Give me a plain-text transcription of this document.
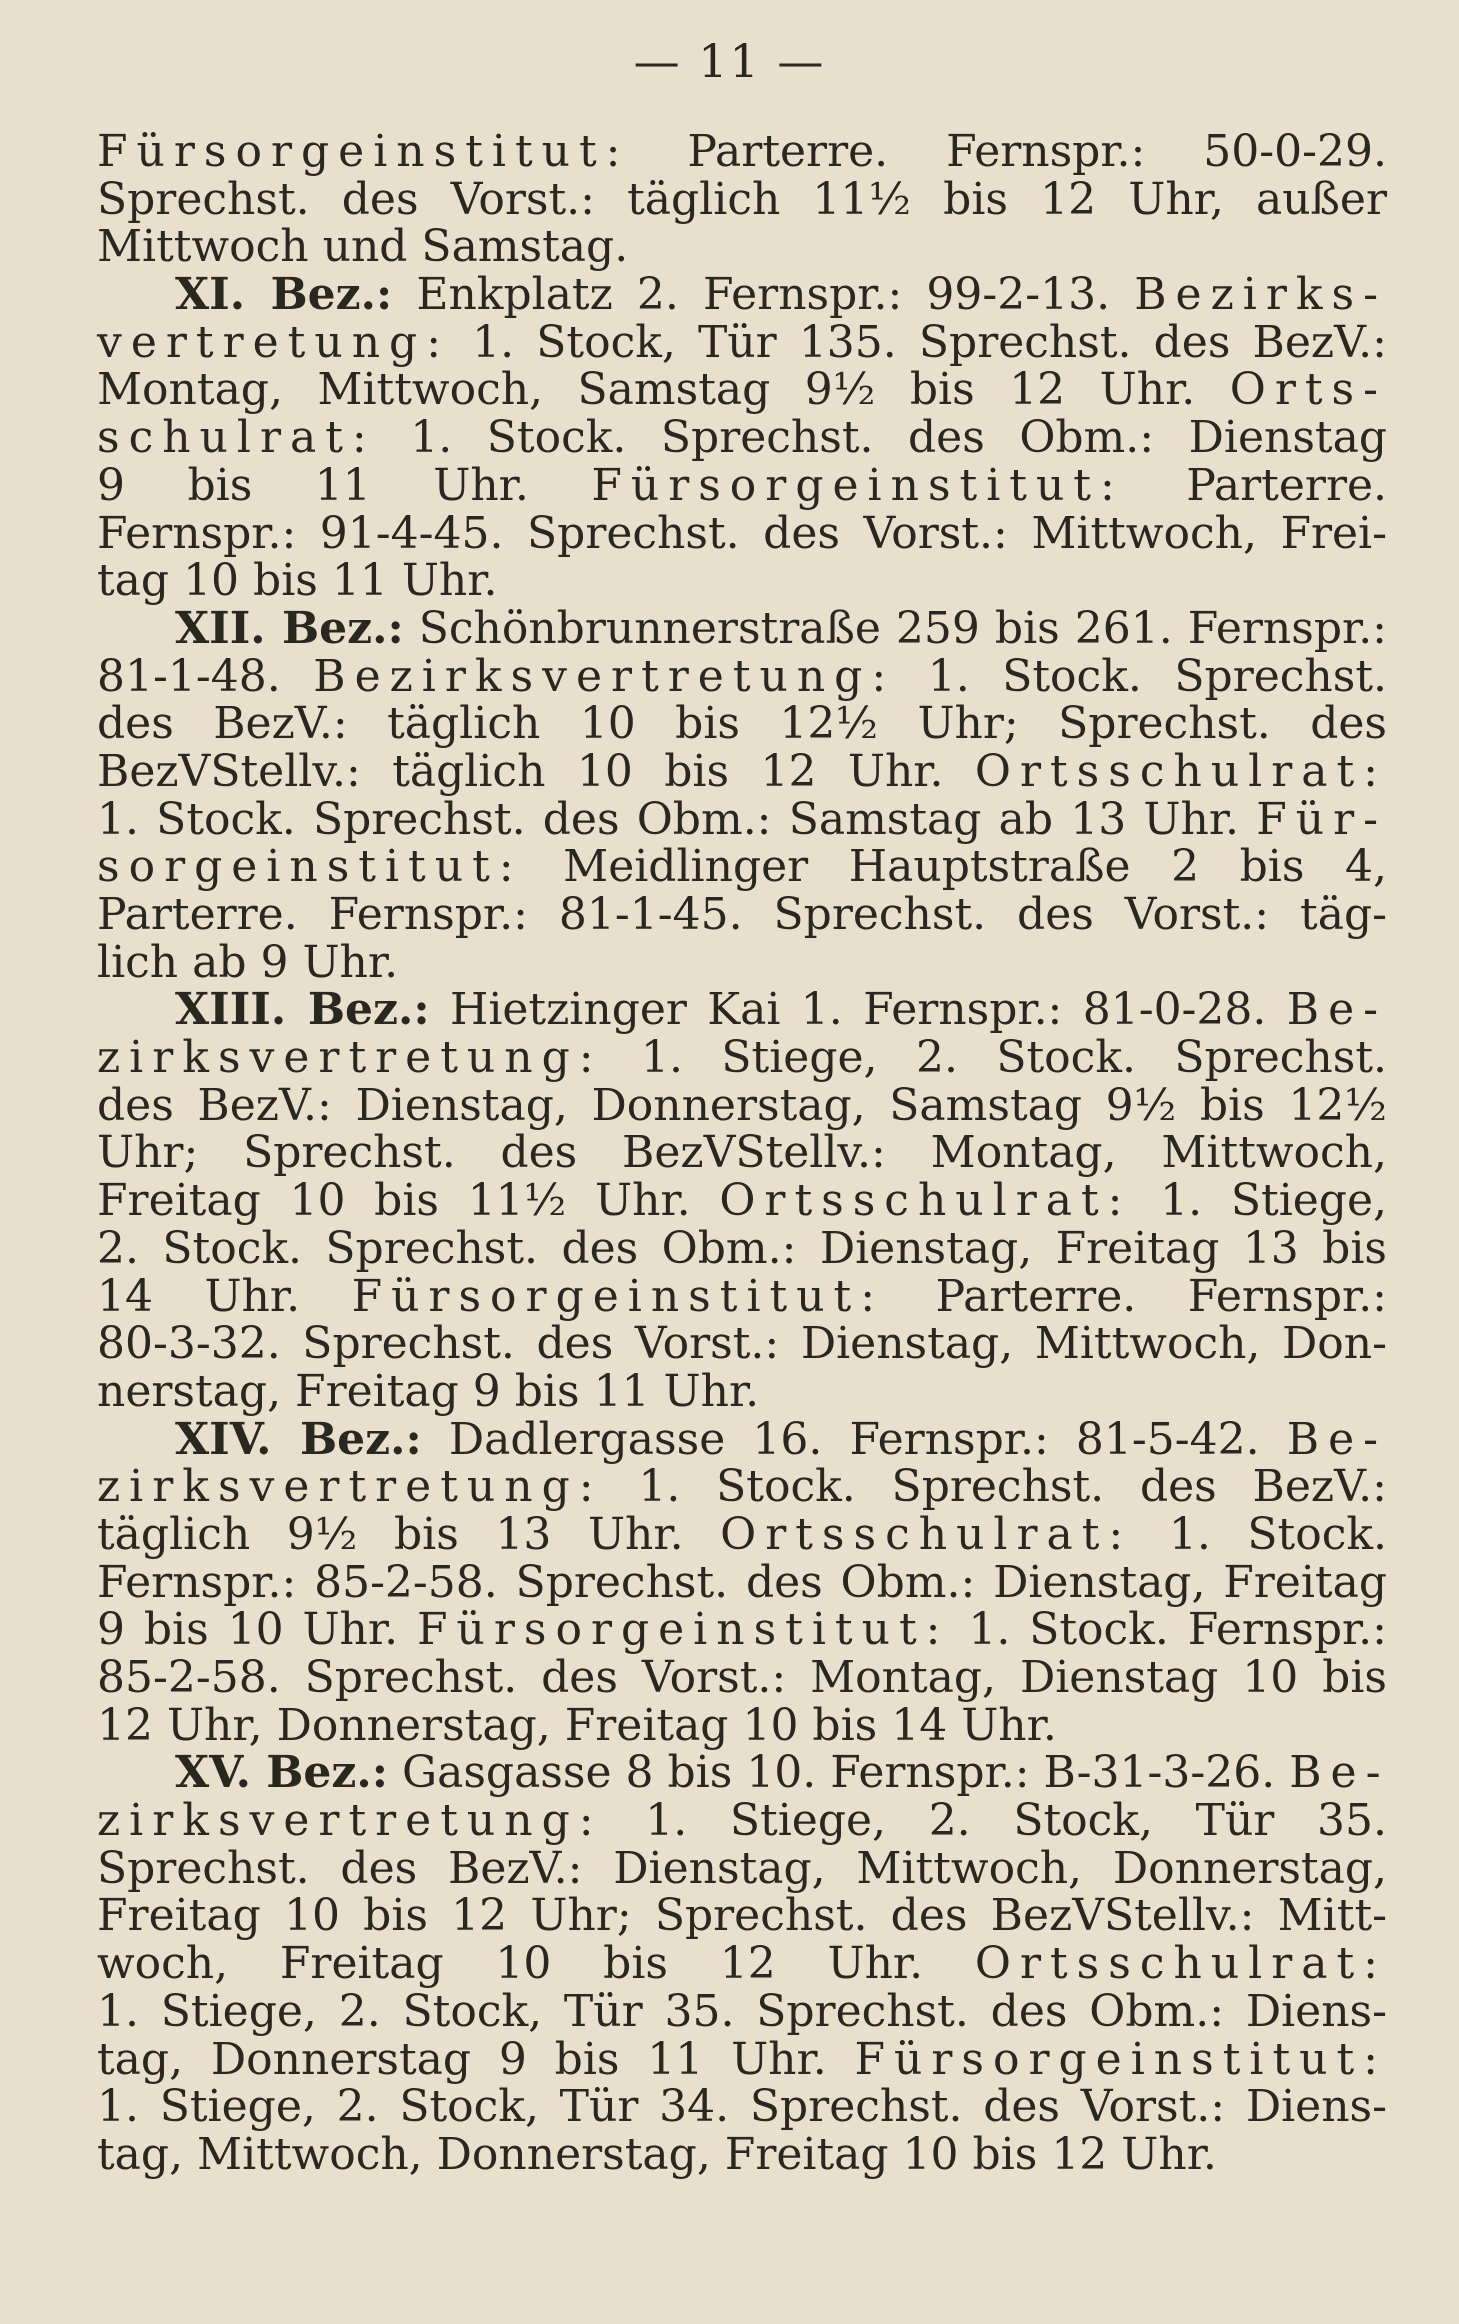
— 11 —
Fürsorgeinstitut: Parterre. Fernspr.: 50-0-29.
Sprechst. des Vorst.: täglich 11½ bis 12 Uhr, außer
Mittwoch und Samstag.
XI. Bez.: Enkplatz 2. Fernspr.: 99-2-13. Bezirks-
vertretung: 1. Stock, Tür 135. Sprechst. des BezV.:
Montag, Mittwoch, Samstag 9½ bis 12 Uhr. Orts-
schulrat: 1. Stock. Sprechst. des Obm.: Dienstag
9 bis 11 Uhr. Fürsorgeinstitut: Parterre.
Fernspr.: 91-4-45. Sprechst. des Vorst.: Mittwoch, Frei-
tag 10 bis 11 Uhr.
XII. Bez.: Schönbrunnerstraße 259 bis 261. Fernspr.:
81-1-48. Bezirksvertretung: 1. Stock. Sprechst.
des BezV.: täglich 10 bis 12½ Uhr; Sprechst. des
BezVStellv.: täglich 10 bis 12 Uhr. Ortsschulrat:
1. Stock. Sprechst. des Obm.: Samstag ab 13 Uhr. Für-
sorgeinstitut: Meidlinger Hauptstraße 2 bis 4,
Parterre. Fernspr.: 81-1-45. Sprechst. des Vorst.: täg-
lich ab 9 Uhr.
XIII. Bez.: Hietzinger Kai 1. Fernspr.: 81-0-28. Be-
zirksvertretung: 1. Stiege, 2. Stock. Sprechst.
des BezV.: Dienstag, Donnerstag, Samstag 9½ bis 12½
Uhr; Sprechst. des BezVStellv.: Montag, Mittwoch,
Freitag 10 bis 11½ Uhr. Ortsschulrat: 1. Stiege,
2. Stock. Sprechst. des Obm.: Dienstag, Freitag 13 bis
14 Uhr. Fürsorgeinstitut: Parterre. Fernspr.:
80-3-32. Sprechst. des Vorst.: Dienstag, Mittwoch, Don-
nerstag, Freitag 9 bis 11 Uhr.
XIV. Bez.: Dadlergasse 16. Fernspr.: 81-5-42. Be-
zirksvertretung: 1. Stock. Sprechst. des BezV.:
täglich 9½ bis 13 Uhr. Ortsschulrat: 1. Stock.
Fernspr.: 85-2-58. Sprechst. des Obm.: Dienstag, Freitag
9 bis 10 Uhr. Fürsorgeinstitut: 1. Stock. Fernspr.:
85-2-58. Sprechst. des Vorst.: Montag, Dienstag 10 bis
12 Uhr, Donnerstag, Freitag 10 bis 14 Uhr.
XV. Bez.: Gasgasse 8 bis 10. Fernspr.: B-31-3-26. Be-
zirksvertretung: 1. Stiege, 2. Stock, Tür 35.
Sprechst. des BezV.: Dienstag, Mittwoch, Donnerstag,
Freitag 10 bis 12 Uhr; Sprechst. des BezVStellv.: Mitt-
woch, Freitag 10 bis 12 Uhr. Ortsschulrat:
1. Stiege, 2. Stock, Tür 35. Sprechst. des Obm.: Diens-
tag, Donnerstag 9 bis 11 Uhr. Fürsorgeinstitut:
1. Stiege, 2. Stock, Tür 34. Sprechst. des Vorst.: Diens-
tag, Mittwoch, Donnerstag, Freitag 10 bis 12 Uhr.
